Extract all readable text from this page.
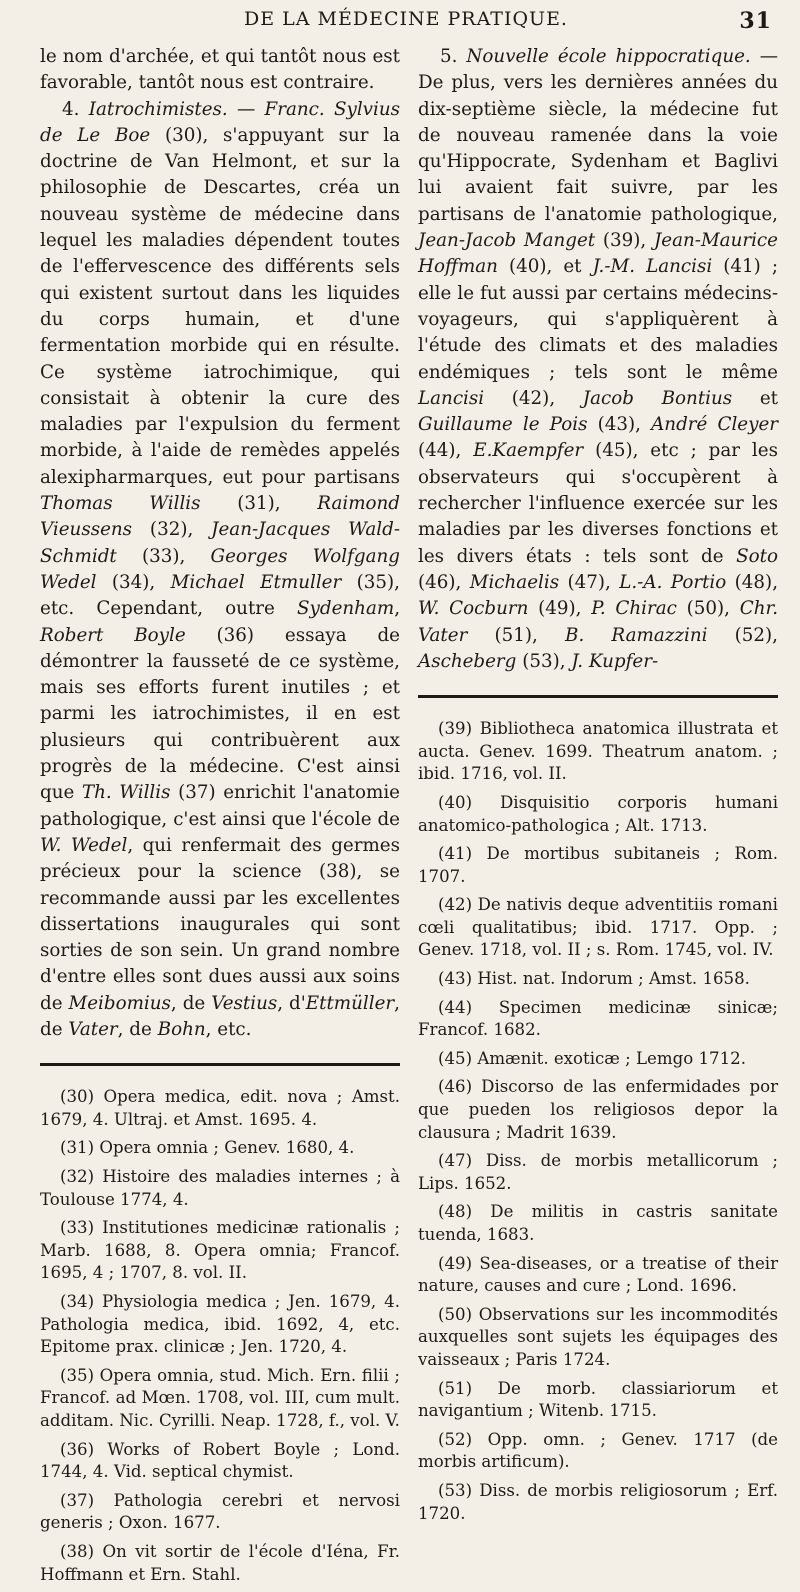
DE LA MÉDECINE PRATIQUE.	31

le nom d'archée, et qui tantôt nous est favorable, tantôt nous est contraire.

4. Iatrochimistes. — Franc. Sylvius de Le Boe (30), s'appuyant sur la doctrine de Van Helmont, et sur la philosophie de Descartes, créa un nouveau système de médecine dans lequel les maladies dépendent toutes de l'effervescence des différents sels qui existent surtout dans les liquides du corps humain, et d'une fermentation morbide qui en résulte. Ce système iatrochimique, qui consistait à obtenir la cure des maladies par l'expulsion du ferment morbide, à l'aide de remèdes appelés alexipharmarques, eut pour partisans Thomas Willis (31), Raimond Vieussens (32), Jean-Jacques Wald-Schmidt (33), Georges Wolfgang Wedel (34), Michael Etmuller (35), etc. Cependant, outre Sydenham, Robert Boyle (36) essaya de démontrer la fausseté de ce système, mais ses efforts furent inutiles ; et parmi les iatrochimistes, il en est plusieurs qui contribuèrent aux progrès de la médecine. C'est ainsi que Th. Willis (37) enrichit l'anatomie pathologique, c'est ainsi que l'école de W. Wedel, qui renfermait des germes précieux pour la science (38), se recommande aussi par les excellentes dissertations inaugurales qui sont sorties de son sein. Un grand nombre d'entre elles sont dues aussi aux soins de Meibomius, de Vestius, d'Ettmüller, de Vater, de Bohn, etc.

(30) Opera medica, edit. nova ; Amst. 1679, 4. Ultraj. et Amst. 1695. 4.

(31) Opera omnia ; Genev. 1680, 4.

(32) Histoire des maladies internes ; à Toulouse 1774, 4.

(33) Institutiones medicinæ rationalis ; Marb. 1688, 8. Opera omnia; Francof. 1695, 4 ; 1707, 8. vol. II.

(34) Physiologia medica ; Jen. 1679, 4. Pathologia medica, ibid. 1692, 4, etc. Epitome prax. clinicæ ; Jen. 1720, 4.

(35) Opera omnia, stud. Mich. Ern. filii ; Francof. ad Mœn. 1708, vol. III, cum mult. additam. Nic. Cyrilli. Neap. 1728, f., vol. V.

(36) Works of Robert Boyle ; Lond. 1744, 4. Vid. septical chymist.

(37) Pathologia cerebri et nervosi generis ; Oxon. 1677.

(38) On vit sortir de l'école d'Iéna, Fr. Hoffmann et Ern. Stahl.

5. Nouvelle école hippocratique. — De plus, vers les dernières années du dix-septième siècle, la médecine fut de nouveau ramenée dans la voie qu'Hippocrate, Sydenham et Baglivi lui avaient fait suivre, par les partisans de l'anatomie pathologique, Jean-Jacob Manget (39), Jean-Maurice Hoffman (40), et J.-M. Lancisi (41) ; elle le fut aussi par certains médecins-voyageurs, qui s'appliquèrent à l'étude des climats et des maladies endémiques ; tels sont le même Lancisi (42), Jacob Bontius et Guillaume le Pois (43), André Cleyer (44), E.Kaempfer (45), etc ; par les observateurs qui s'occupèrent à rechercher l'influence exercée sur les maladies par les diverses fonctions et les divers états : tels sont de Soto (46), Michaelis (47), L.-A. Portio (48), W. Cocburn (49), P. Chirac (50), Chr. Vater (51), B. Ramazzini (52), Ascheberg (53), J. Kupfer-

(39) Bibliotheca anatomica illustrata et aucta. Genev. 1699. Theatrum anatom. ; ibid. 1716, vol. II.

(40) Disquisitio corporis humani anatomico-pathologica ; Alt. 1713.

(41) De mortibus subitaneis ; Rom. 1707.

(42) De nativis deque adventitiis romani cœli qualitatibus; ibid. 1717. Opp. ; Genev. 1718, vol. II ; s. Rom. 1745, vol. IV.

(43) Hist. nat. Indorum ; Amst. 1658.

(44) Specimen medicinæ sinicæ; Francof. 1682.

(45) Amænit. exoticæ ; Lemgo 1712.

(46) Discorso de las enfermidades por que pueden los religiosos depor la clausura ; Madrit 1639.

(47) Diss. de morbis metallicorum ; Lips. 1652.

(48) De militis in castris sanitate tuenda, 1683.

(49) Sea-diseases, or a treatise of their nature, causes and cure ; Lond. 1696.

(50) Observations sur les incommodités auxquelles sont sujets les équipages des vaisseaux ; Paris 1724.

(51) De morb. classiariorum et navigantium ; Witenb. 1715.

(52) Opp. omn. ; Genev. 1717 (de morbis artificum).

(53) Diss. de morbis religiosorum ; Erf. 1720.
